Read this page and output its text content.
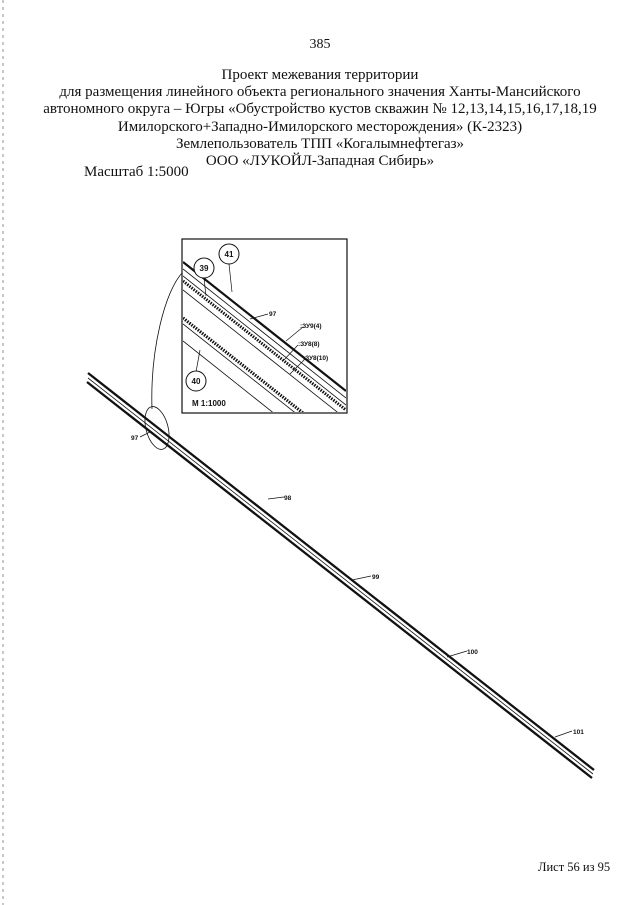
385
Проект межевания территории
для размещения линейного объекта регионального значения Ханты-Мансийского
автономного округа – Югры «Обустройство кустов скважин № 12,13,14,15,16,17,18,19
Имилорского+Западно-Имилорского месторождения» (К-2323)
Землепользователь ТПП «Когалымнефтегаз»
ООО «ЛУКОЙЛ-Западная Сибирь»
Масштаб 1:5000
97
98
99
100
101
97
:ЗУ9(4)
:ЗУ8(8)
:ЗУ8(10)
39
41
40
М 1:1000
Лист 56 из 95
